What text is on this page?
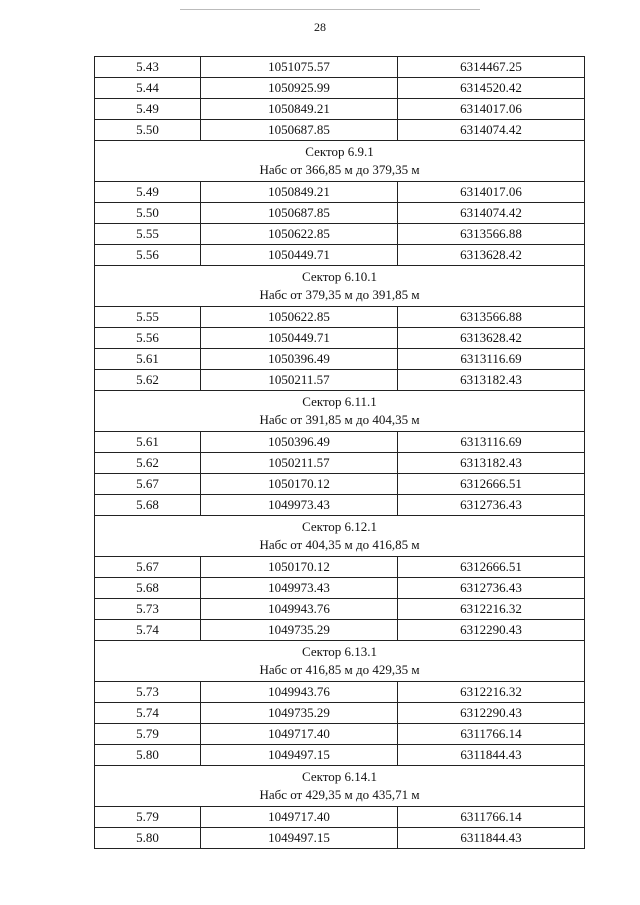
28
5.43	1051075.57	6314467.25
5.44	1050925.99	6314520.42
5.49	1050849.21	6314017.06
5.50	1050687.85	6314074.42

Сектор 6.9.1
Набс от 366,85 м до 379,35 м		

5.49	1050849.21	6314017.06
5.50	1050687.85	6314074.42
5.55	1050622.85	6313566.88
5.56	1050449.71	6313628.42

Сектор 6.10.1
Набс от 379,35 м до 391,85 м		

5.55	1050622.85	6313566.88
5.56	1050449.71	6313628.42
5.61	1050396.49	6313116.69
5.62	1050211.57	6313182.43

Сектор 6.11.1
Набс от 391,85 м до 404,35 м		

5.61	1050396.49	6313116.69
5.62	1050211.57	6313182.43
5.67	1050170.12	6312666.51
5.68	1049973.43	6312736.43

Сектор 6.12.1
Набс от 404,35 м до 416,85 м		

5.67	1050170.12	6312666.51
5.68	1049973.43	6312736.43
5.73	1049943.76	6312216.32
5.74	1049735.29	6312290.43

Сектор 6.13.1
Набс от 416,85 м до 429,35 м		

5.73	1049943.76	6312216.32
5.74	1049735.29	6312290.43
5.79	1049717.40	6311766.14
5.80	1049497.15	6311844.43

Сектор 6.14.1
Набс от 429,35 м до 435,71 м		

5.79	1049717.40	6311766.14
5.80	1049497.15	6311844.43
